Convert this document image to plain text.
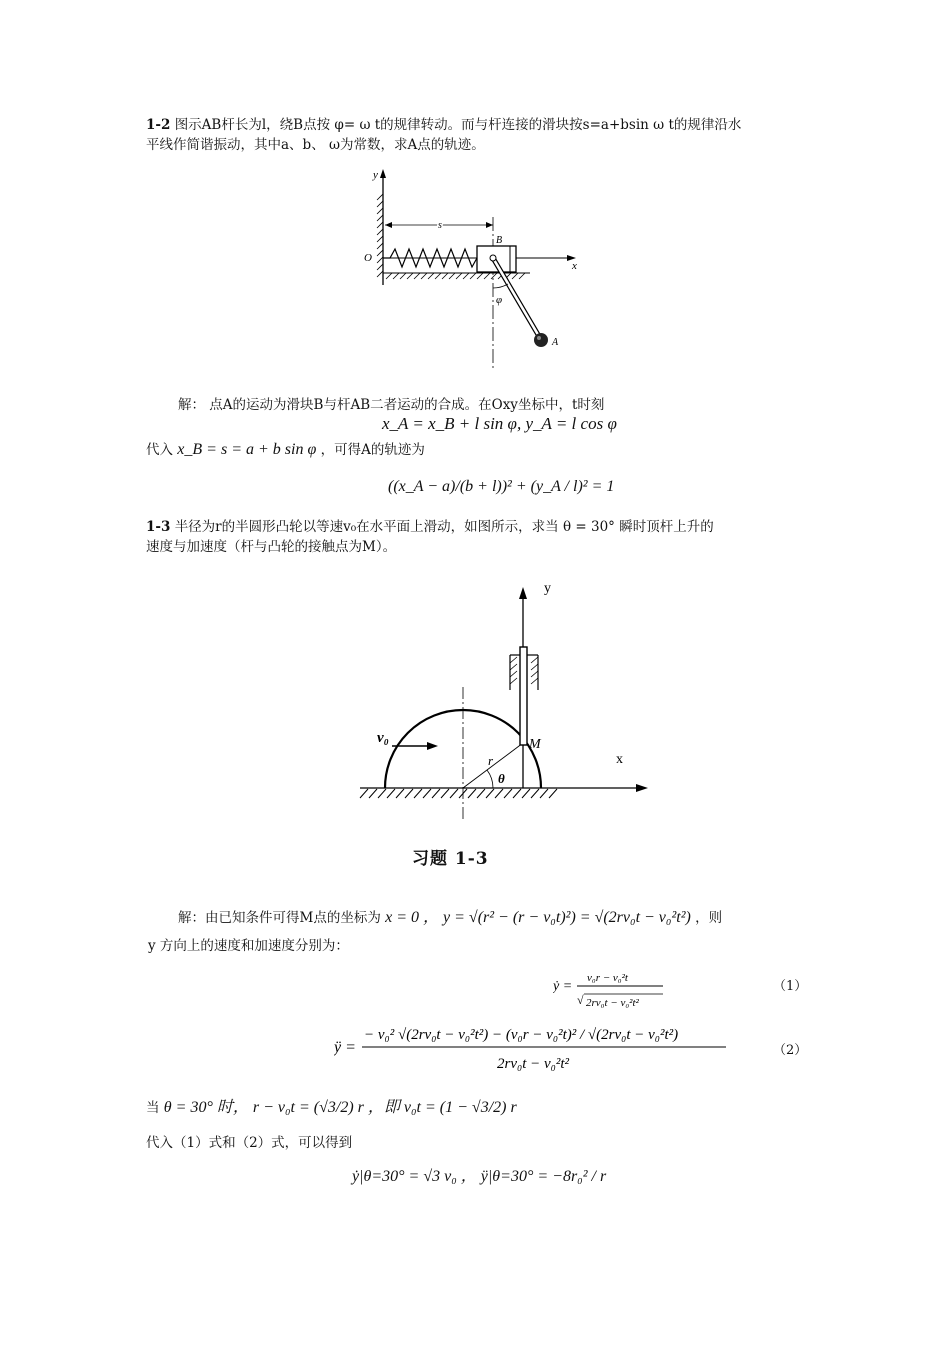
1-2 图示AB杆长为l，绕B点按 φ= ω t的规律转动。而与杆连接的滑块按s=a+bsin ω t的规律沿水
平线作简谐振动，其中a、b、 ω为常数，求A点的轨迹。
y
O
x
s
B
A
φ
解： 点A的运动为滑块B与杆AB二者运动的合成。在Oxy坐标中，t时刻
x_A = x_B + l sin φ, y_A = l cos φ
代入 x_B = s = a + b sin φ ，可得A的轨迹为
((x_A − a)/(b + l))² + (y_A / l)² = 1
1-3 半径为r的半圆形凸轮以等速v₀在水平面上滑动，如图所示，求当 θ = 30° 瞬时顶杆上升的
速度与加速度（杆与凸轮的接触点为M）。
y
x
r
θ
M
v₀
习题 1-3
解：由已知条件可得M点的坐标为 x = 0 ， y = √(r² − (r − v₀t)²) = √(2rv₀t − v₀²t²) ，则
y 方向上的速度和加速度分别为：
ẏ =
v₀r − v₀²t
√ 2rv₀t − v₀²t²
（1）
ÿ =
− v₀² √(2rv₀t − v₀²t²) − (v₀r − v₀²t)² / √(2rv₀t − v₀²t²)
2rv₀t − v₀²t²
（2）
当 θ = 30° 时， r − v₀t = (√3/2) r ，即 v₀t = (1 − √3/2) r
代入（1）式和（2）式，可以得到
ẏ|θ=30° = √3 v₀ ， ÿ|θ=30° = −8r₀² / r
